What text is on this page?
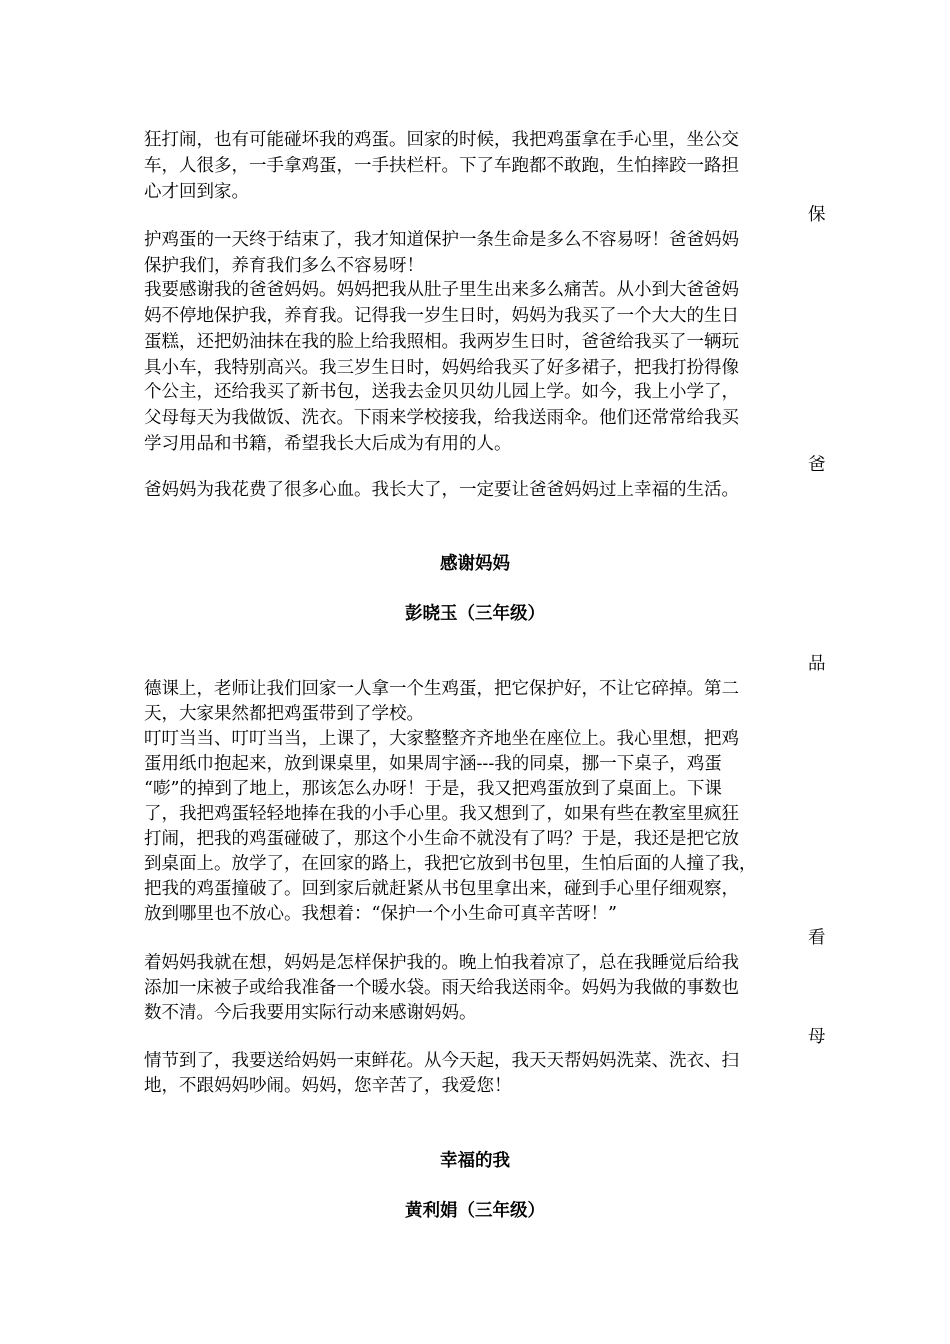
狂打闹，也有可能碰坏我的鸡蛋。回家的时候，我把鸡蛋拿在手心里，坐公交
车，人很多，一手拿鸡蛋，一手扶栏杆。下了车跑都不敢跑，生怕摔跤一路担
心才回到家。
保
护鸡蛋的一天终于结束了，我才知道保护一条生命是多么不容易呀！爸爸妈妈
保护我们，养育我们多么不容易呀！
我要感谢我的爸爸妈妈。妈妈把我从肚子里生出来多么痛苦。从小到大爸爸妈
妈不停地保护我，养育我。记得我一岁生日时，妈妈为我买了一个大大的生日
蛋糕，还把奶油抹在我的脸上给我照相。我两岁生日时，爸爸给我买了一辆玩
具小车，我特别高兴。我三岁生日时，妈妈给我买了好多裙子，把我打扮得像
个公主，还给我买了新书包，送我去金贝贝幼儿园上学。如今，我上小学了，
父母每天为我做饭、洗衣。下雨来学校接我，给我送雨伞。他们还常常给我买
学习用品和书籍，希望我长大后成为有用的人。
爸
爸妈妈为我花费了很多心血。我长大了，一定要让爸爸妈妈过上幸福的生活。
感谢妈妈
彭晓玉（三年级）
品
德课上，老师让我们回家一人拿一个生鸡蛋，把它保护好，不让它碎掉。第二
天，大家果然都把鸡蛋带到了学校。
叮叮当当、叮叮当当，上课了，大家整整齐齐地坐在座位上。我心里想，把鸡
蛋用纸巾抱起来，放到课桌里，如果周宇涵---我的同桌，挪一下桌子，鸡蛋
“嘭”的掉到了地上，那该怎么办呀！于是，我又把鸡蛋放到了桌面上。下课
了，我把鸡蛋轻轻地捧在我的小手心里。我又想到了，如果有些在教室里疯狂
打闹，把我的鸡蛋碰破了，那这个小生命不就没有了吗？于是，我还是把它放
到桌面上。放学了，在回家的路上，我把它放到书包里，生怕后面的人撞了我，
把我的鸡蛋撞破了。回到家后就赶紧从书包里拿出来，碰到手心里仔细观察，
放到哪里也不放心。我想着：“保护一个小生命可真辛苦呀！”
看
着妈妈我就在想，妈妈是怎样保护我的。晚上怕我着凉了，总在我睡觉后给我
添加一床被子或给我准备一个暖水袋。雨天给我送雨伞。妈妈为我做的事数也
数不清。今后我要用实际行动来感谢妈妈。
母
情节到了，我要送给妈妈一束鲜花。从今天起，我天天帮妈妈洗菜、洗衣、扫
地，不跟妈妈吵闹。妈妈，您辛苦了，我爱您！
幸福的我
黄利娟（三年级）
